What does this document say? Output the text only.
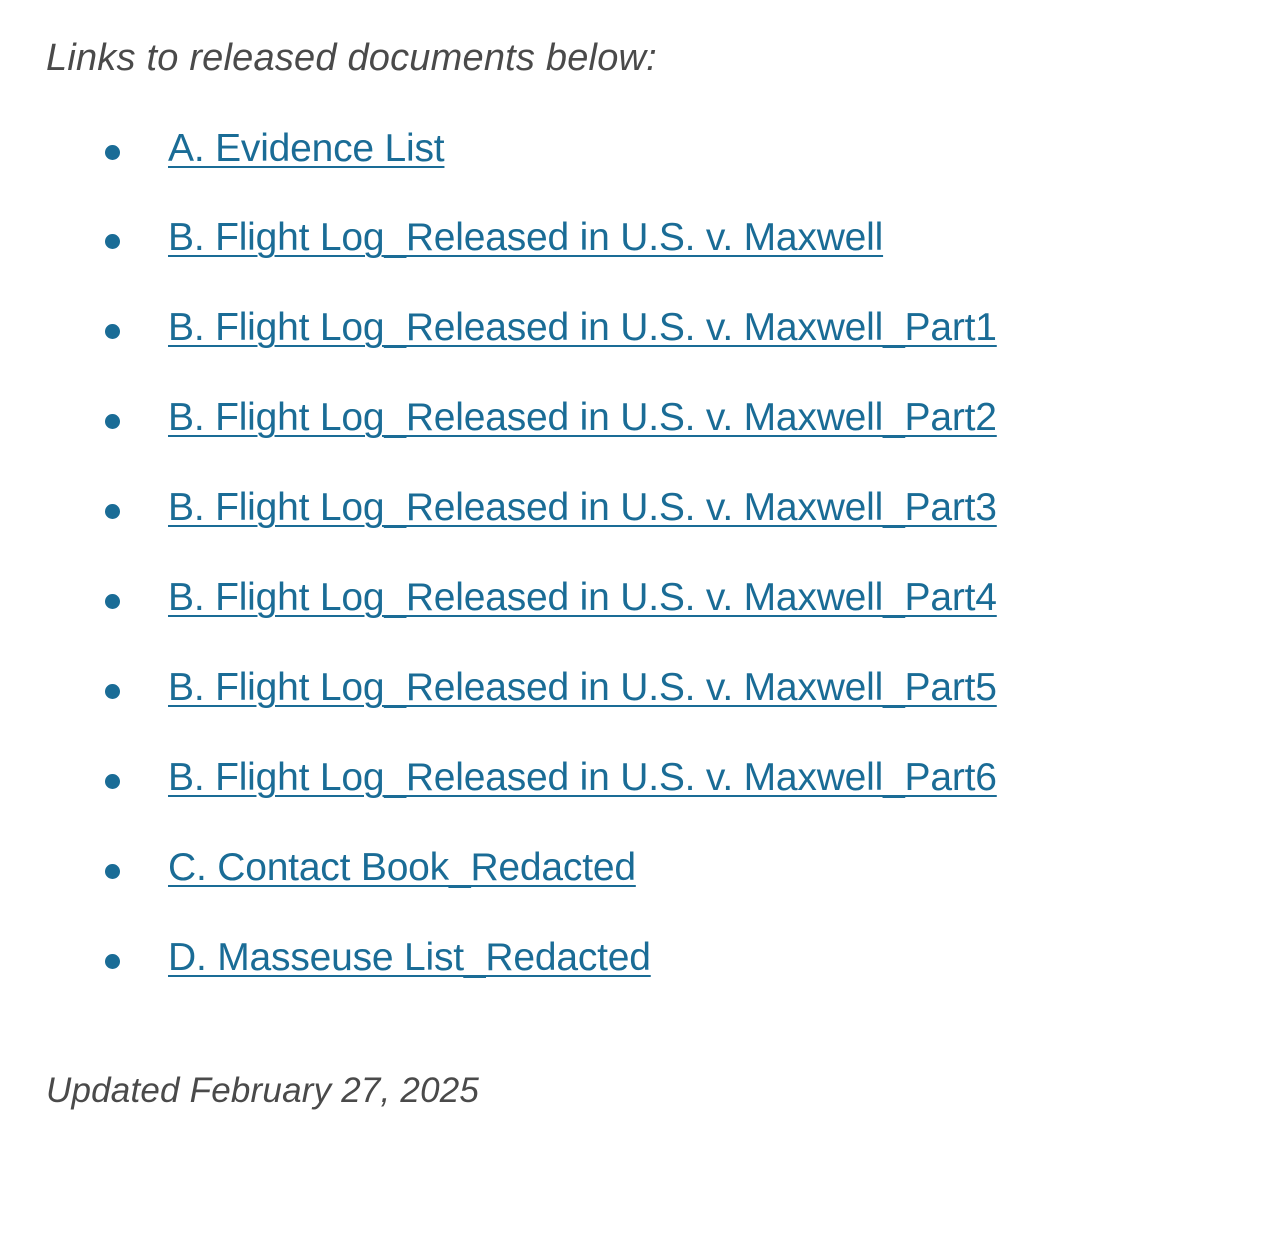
Links to released documents below:

A. Evidence List
B. Flight Log_Released in U.S. v. Maxwell
B. Flight Log_Released in U.S. v. Maxwell_Part1
B. Flight Log_Released in U.S. v. Maxwell_Part2
B. Flight Log_Released in U.S. v. Maxwell_Part3
B. Flight Log_Released in U.S. v. Maxwell_Part4
B. Flight Log_Released in U.S. v. Maxwell_Part5
B. Flight Log_Released in U.S. v. Maxwell_Part6
C. Contact Book_Redacted
D. Masseuse List_Redacted

Updated February 27, 2025
